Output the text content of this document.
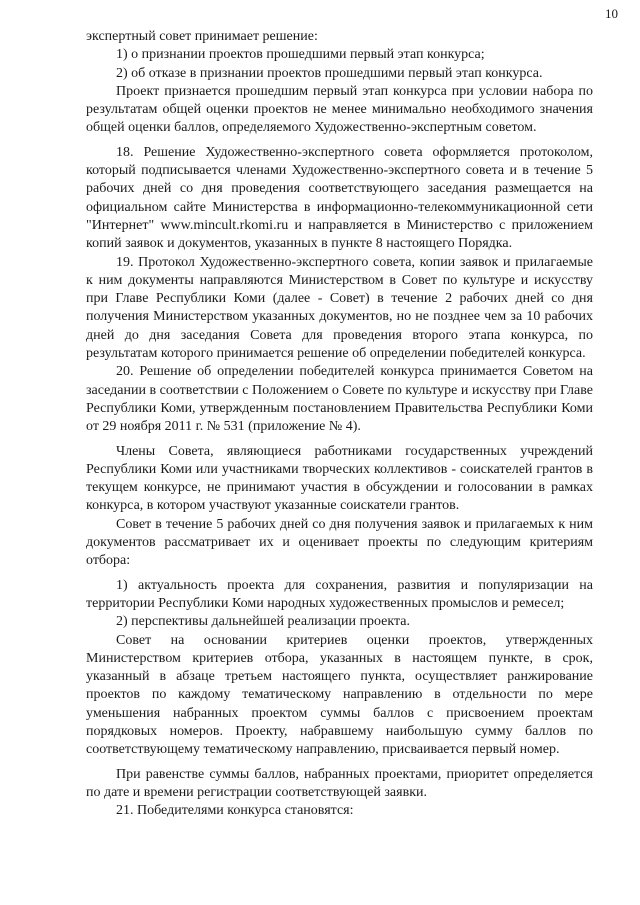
10

экспертный совет принимает решение:

1) о признании проектов прошедшими первый этап конкурса;

2) об отказе в признании проектов прошедшими первый этап конкурса.

Проект признается прошедшим первый этап конкурса при условии набора по результатам общей оценки проектов не менее минимально необходимого значения общей оценки баллов, определяемого Художественно-экспертным советом.

18. Решение Художественно-экспертного совета оформляется протоколом, который подписывается членами Художественно-экспертного совета и в течение 5 рабочих дней со дня проведения соответствующего заседания размещается на официальном сайте Министерства в информационно-телекоммуникационной сети "Интернет" www.mincult.rkomi.ru и направляется в Министерство с приложением копий заявок и документов, указанных в пункте 8 настоящего Порядка.

19. Протокол Художественно-экспертного совета, копии заявок и прилагаемые к ним документы направляются Министерством в Совет по культуре и искусству при Главе Республики Коми (далее - Совет) в течение 2 рабочих дней со дня получения Министерством указанных документов, но не позднее чем за 10 рабочих дней до дня заседания Совета для проведения второго этапа конкурса, по результатам которого принимается решение об определении победителей конкурса.

20. Решение об определении победителей конкурса принимается Советом на заседании в соответствии с Положением о Совете по культуре и искусству при Главе Республики Коми, утвержденным постановлением Правительства Республики Коми от 29 ноября 2011 г. № 531 (приложение № 4).

Члены Совета, являющиеся работниками государственных учреждений Республики Коми или участниками творческих коллективов - соискателей грантов в текущем конкурсе, не принимают участия в обсуждении и голосовании в рамках конкурса, в котором участвуют указанные соискатели грантов.

Совет в течение 5 рабочих дней со дня получения заявок и прилагаемых к ним документов рассматривает их и оценивает проекты по следующим критериям отбора:

1) актуальность проекта для сохранения, развития и популяризации на территории Республики Коми народных художественных промыслов и ремесел;

2) перспективы дальнейшей реализации проекта.

Совет на основании критериев оценки проектов, утвержденных Министерством критериев отбора, указанных в настоящем пункте, в срок, указанный в абзаце третьем настоящего пункта, осуществляет ранжирование проектов по каждому тематическому направлению в отдельности по мере уменьшения набранных проектом суммы баллов с присвоением проектам порядковых номеров. Проекту, набравшему наибольшую сумму баллов по соответствующему тематическому направлению, присваивается первый номер.

При равенстве суммы баллов, набранных проектами, приоритет определяется по дате и времени регистрации соответствующей заявки.

21. Победителями конкурса становятся:
